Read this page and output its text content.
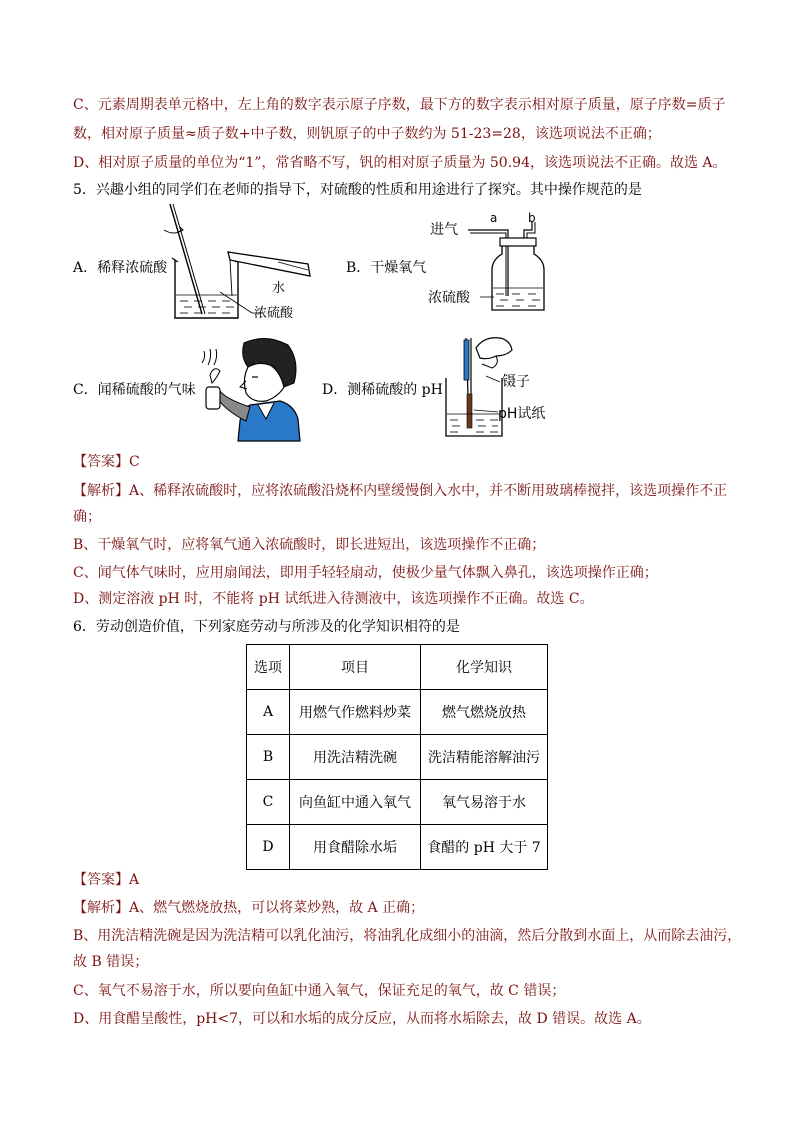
C、元素周期表单元格中，左上角的数字表示原子序数，最下方的数字表示相对原子质量，原子序数=质子
数，相对原子质量≈质子数+中子数，则钒原子的中子数约为 51-23=28，该选项说法不正确；
D、相对原子质量的单位为“1”，常省略不写，钒的相对原子质量为 50.94，该选项说法不正确。故选 A。
5．兴趣小组的同学们在老师的指导下，对硫酸的性质和用途进行了探究。其中操作规范的是
A．稀释浓硫酸
水
浓硫酸
B．干燥氧气
进气
a	b
浓硫酸
C．闻稀硫酸的气味	D．测稀硫酸的 pH	镊子
pH试纸
【答案】C
【解析】A、稀释浓硫酸时，应将浓硫酸沿烧杯内壁缓慢倒入水中，并不断用玻璃棒搅拌，该选项操作不正
确；
B、干燥氧气时，应将氧气通入浓硫酸时，即长进短出，该选项操作不正确；
C、闻气体气味时，应用扇闻法，即用手轻轻扇动，使极少量气体飘入鼻孔，该选项操作正确；
D、测定溶液 pH 时，不能将 pH 试纸进入待测液中，该选项操作不正确。故选 C。
6．劳动创造价值，下列家庭劳动与所涉及的化学知识相符的是
选项	项目	化学知识
A	用燃气作燃料炒菜	燃气燃烧放热
B	用洗洁精洗碗	洗洁精能溶解油污
C	向鱼缸中通入氧气	氧气易溶于水
D	用食醋除水垢	食醋的 pH 大于 7
【答案】A
【解析】A、燃气燃烧放热，可以将菜炒熟，故 A 正确；
B、用洗洁精洗碗是因为洗洁精可以乳化油污，将油乳化成细小的油滴，然后分散到水面上，从而除去油污，
故 B 错误；
C、氧气不易溶于水，所以要向鱼缸中通入氧气，保证充足的氧气，故 C 错误；
D、用食醋呈酸性，pH<7，可以和水垢的成分反应，从而将水垢除去，故 D 错误。故选 A。
